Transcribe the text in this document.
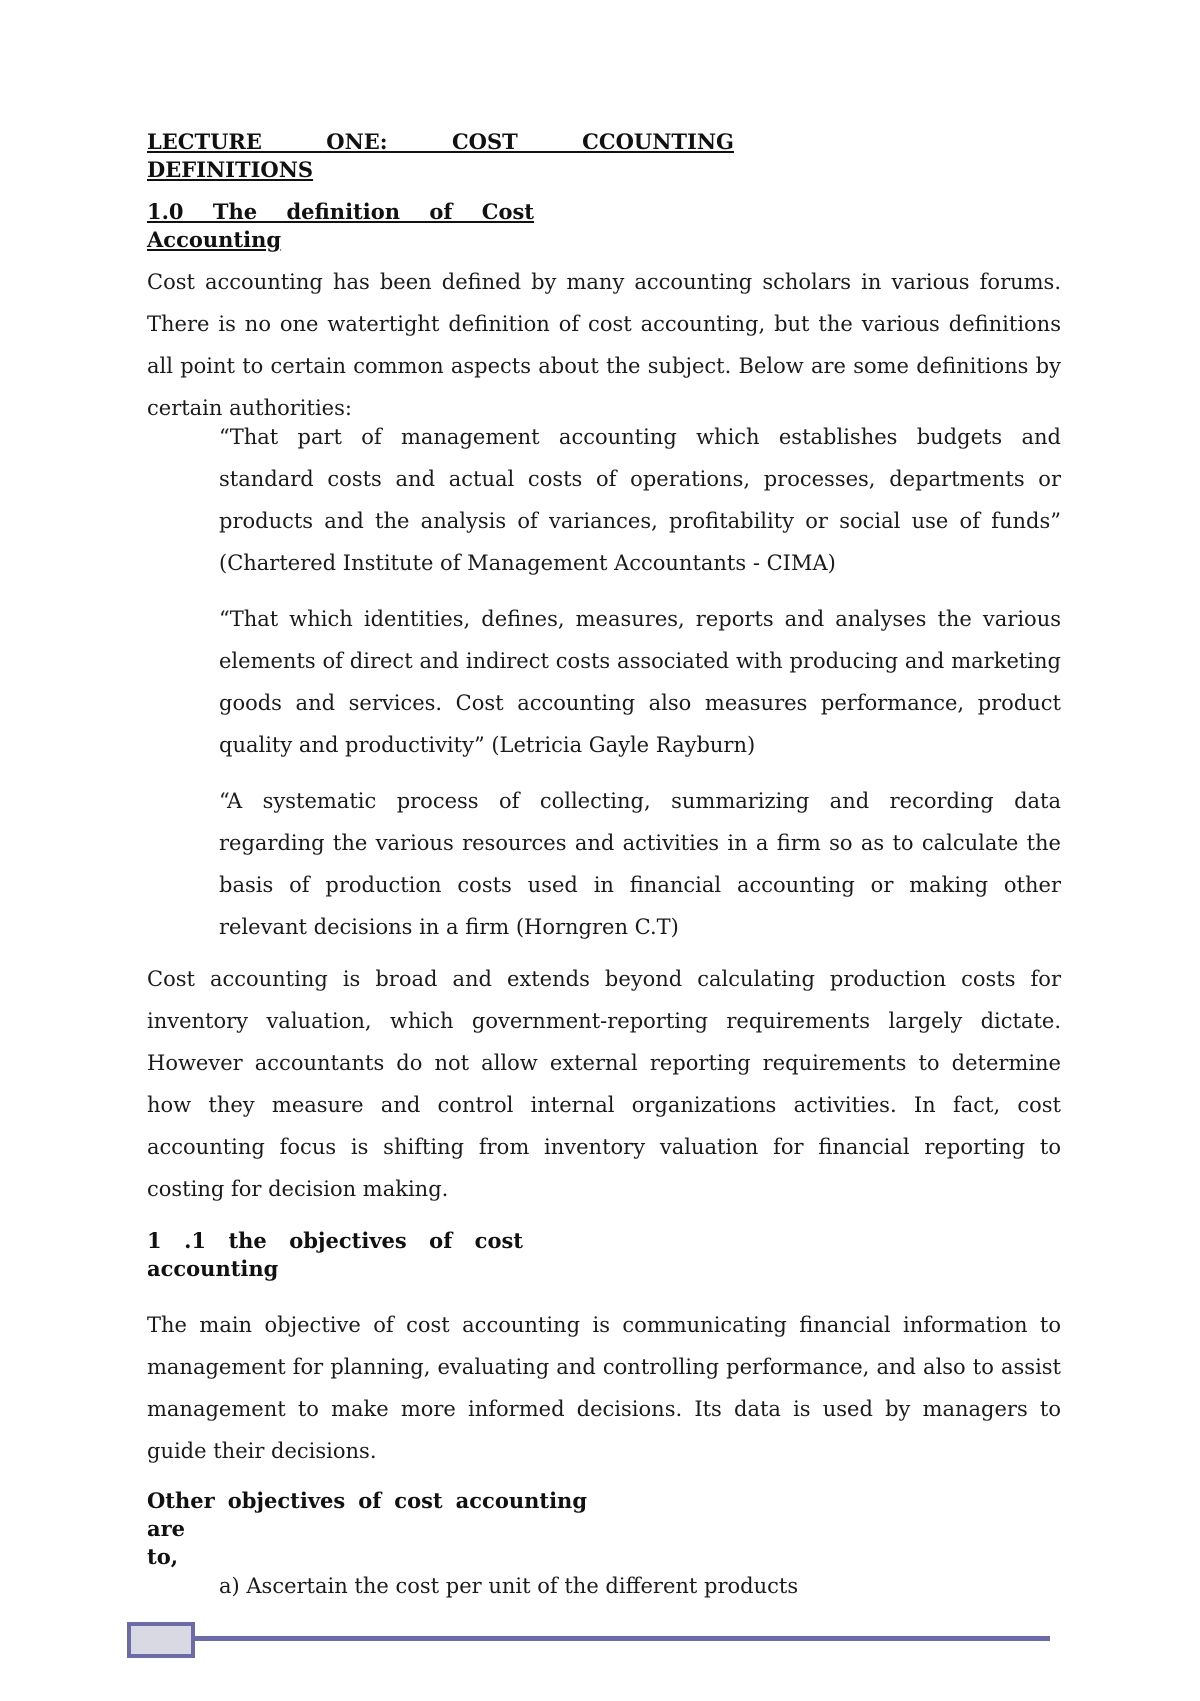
LECTURE ONE: COST CCOUNTING
DEFINITIONS
1.0 The definition of Cost
Accounting

Cost accounting has been defined by many accounting scholars in various forums. There is no one watertight definition of cost accounting, but the various definitions all point to certain common aspects about the subject. Below are some definitions by certain authorities:

“That part of management accounting which establishes budgets and standard costs and actual costs of operations, processes, departments or products and the analysis of variances, profitability or social use of funds” (Chartered Institute of Management Accountants - CIMA)

“That which identities, defines, measures, reports and analyses the various elements of direct and indirect costs associated with producing and marketing goods and services. Cost accounting also measures performance, product quality and productivity” (Letricia Gayle Rayburn)

“A systematic process of collecting, summarizing and recording data regarding the various resources and activities in a firm so as to calculate the basis of production costs used in financial accounting or making other relevant decisions in a firm (Horngren C.T)

Cost accounting is broad and extends beyond calculating production costs for inventory valuation, which government-reporting requirements largely dictate. However accountants do not allow external reporting requirements to determine how they measure and control internal organizations activities. In fact, cost accounting focus is shifting from inventory valuation for financial reporting to costing for decision making.

1 .1 the objectives of cost
accounting

The main objective of cost accounting is communicating financial information to management for planning, evaluating and controlling performance, and also to assist management to make more informed decisions. Its data is used by managers to guide their decisions.

Other objectives of cost accounting are
to,

a) Ascertain the cost per unit of the different products
